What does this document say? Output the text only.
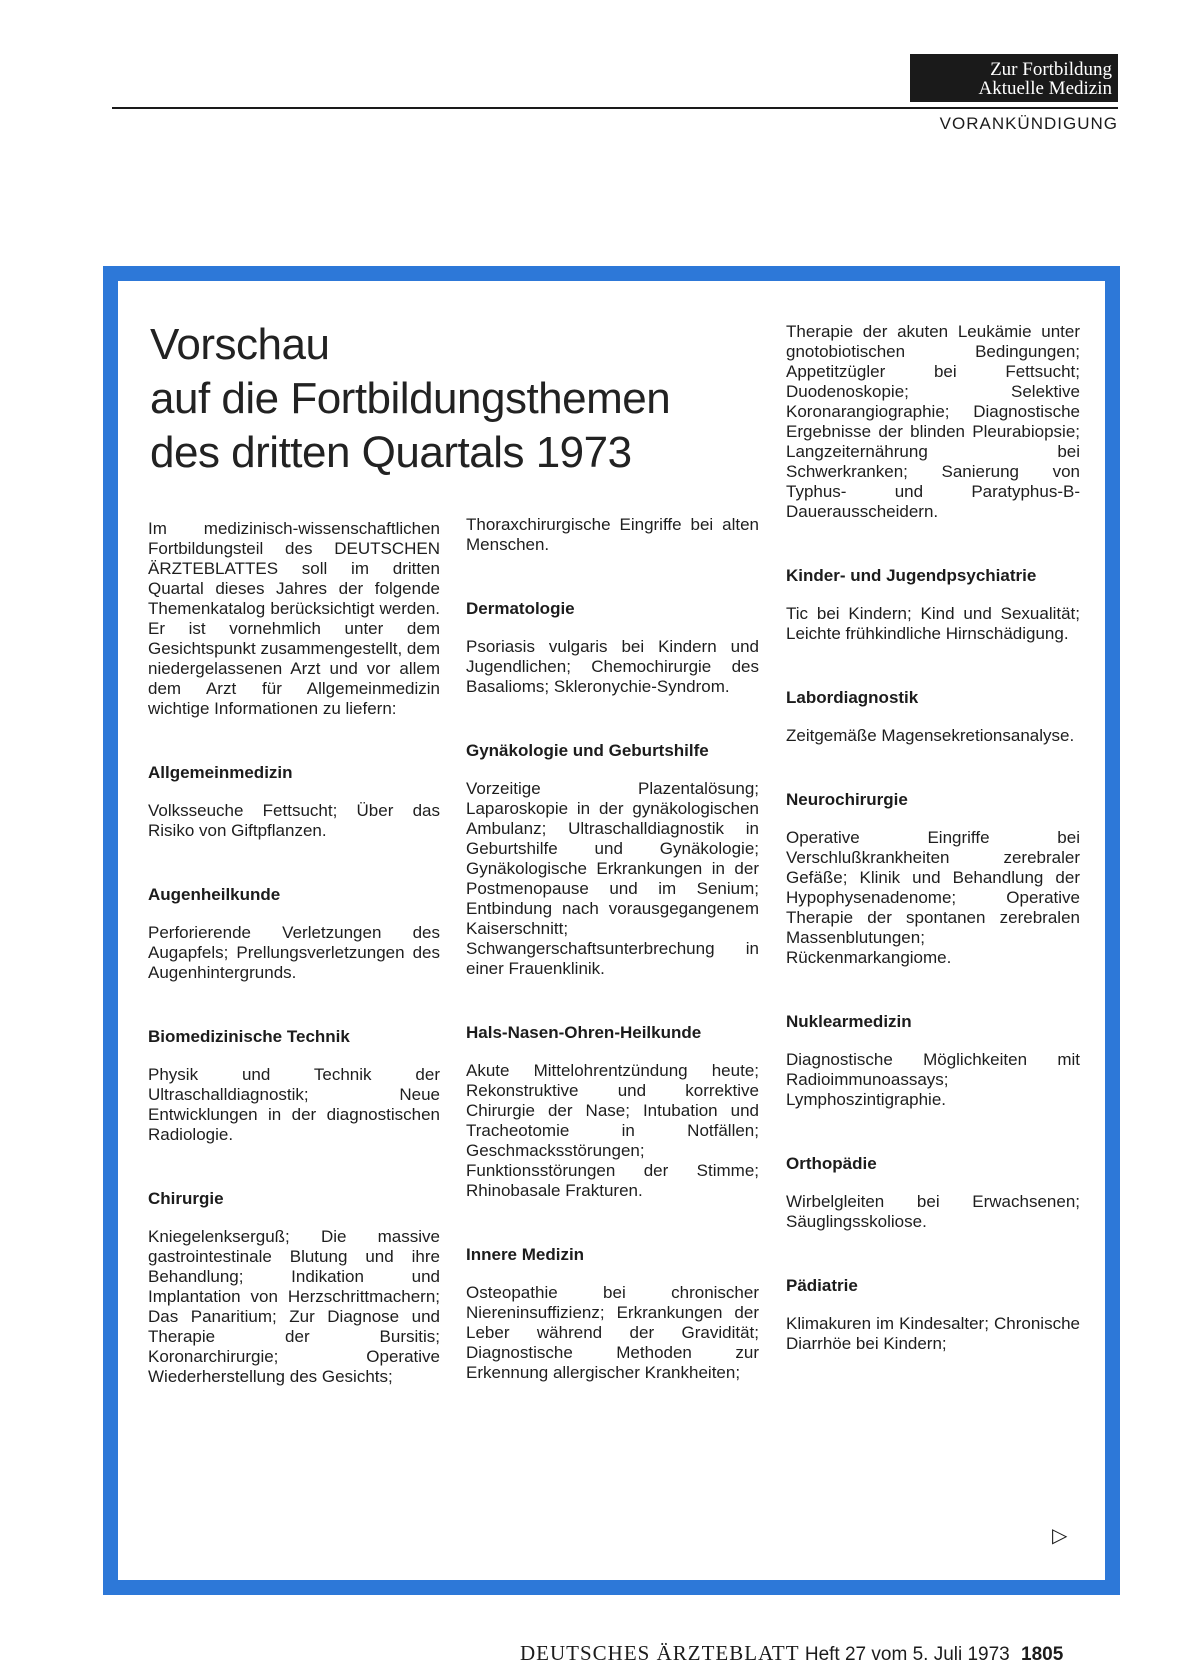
Zur Fortbildung
Aktuelle Medizin
VORANKÜNDIGUNG
Vorschau
auf die Fortbildungsthemen
des dritten Quartals 1973

Im medizinisch-wissenschaftlichen Fortbildungsteil des DEUTSCHEN ÄRZTEBLATTES soll im dritten Quartal dieses Jahres der folgende Themenkatalog berücksichtigt werden. Er ist vornehmlich unter dem Gesichtspunkt zusammengestellt, dem niedergelassenen Arzt und vor allem dem Arzt für Allgemeinmedizin wichtige Informationen zu liefern:

Allgemeinmedizin

Volksseuche Fettsucht; Über das Risiko von Giftpflanzen.

Augenheilkunde

Perforierende Verletzungen des Augapfels; Prellungsverletzungen des Augenhintergrunds.

Biomedizinische Technik

Physik und Technik der Ultraschalldiagnostik; Neue Entwicklungen in der diagnostischen Radiologie.

Chirurgie

Kniegelenkserguß; Die massive gastrointestinale Blutung und ihre Behandlung; Indikation und Implantation von Herzschrittmachern; Das Panaritium; Zur Diagnose und Therapie der Bursitis; Koronarchirurgie; Operative Wiederherstellung des Gesichts;

Thoraxchirurgische Eingriffe bei alten Menschen.

Dermatologie

Psoriasis vulgaris bei Kindern und Jugendlichen; Chemochirurgie des Basalioms; Skleronychie-Syndrom.

Gynäkologie und Geburtshilfe

Vorzeitige Plazentalösung; Laparoskopie in der gynäkologischen Ambulanz; Ultraschalldiagnostik in Geburtshilfe und Gynäkologie; Gynäkologische Erkrankungen in der Postmenopause und im Senium; Entbindung nach vorausgegangenem Kaiserschnitt; Schwangerschaftsunterbrechung in einer Frauenklinik.

Hals-Nasen-Ohren-Heilkunde

Akute Mittelohrentzündung heute; Rekonstruktive und korrektive Chirurgie der Nase; Intubation und Tracheotomie in Notfällen; Geschmacksstörungen; Funktionsstörungen der Stimme; Rhinobasale Frakturen.

Innere Medizin

Osteopathie bei chronischer Niereninsuffizienz; Erkrankungen der Leber während der Gravidität; Diagnostische Methoden zur Erkennung allergischer Krankheiten;

Therapie der akuten Leukämie unter gnotobiotischen Bedingungen; Appetitzügler bei Fettsucht; Duodenoskopie; Selektive Koronarangiographie; Diagnostische Ergebnisse der blinden Pleurabiopsie; Langzeiternährung bei Schwerkranken; Sanierung von Typhus- und Paratyphus-B-Dauerausscheidern.

Kinder- und Jugendpsychiatrie

Tic bei Kindern; Kind und Sexualität; Leichte frühkindliche Hirnschädigung.

Labordiagnostik

Zeitgemäße Magensekretionsanalyse.

Neurochirurgie

Operative Eingriffe bei Verschlußkrankheiten zerebraler Gefäße; Klinik und Behandlung der Hypophysenadenome; Operative Therapie der spontanen zerebralen Massenblutungen; Rückenmarkangiome.

Nuklearmedizin

Diagnostische Möglichkeiten mit Radioimmunoassays; Lymphoszintigraphie.

Orthopädie

Wirbelgleiten bei Erwachsenen; Säuglingsskoliose.

Pädiatrie

Klimakuren im Kindesalter; Chronische Diarrhöe bei Kindern;

▷
DEUTSCHES ÄRZTEBLATT Heft 27 vom 5. Juli 1973 1805
